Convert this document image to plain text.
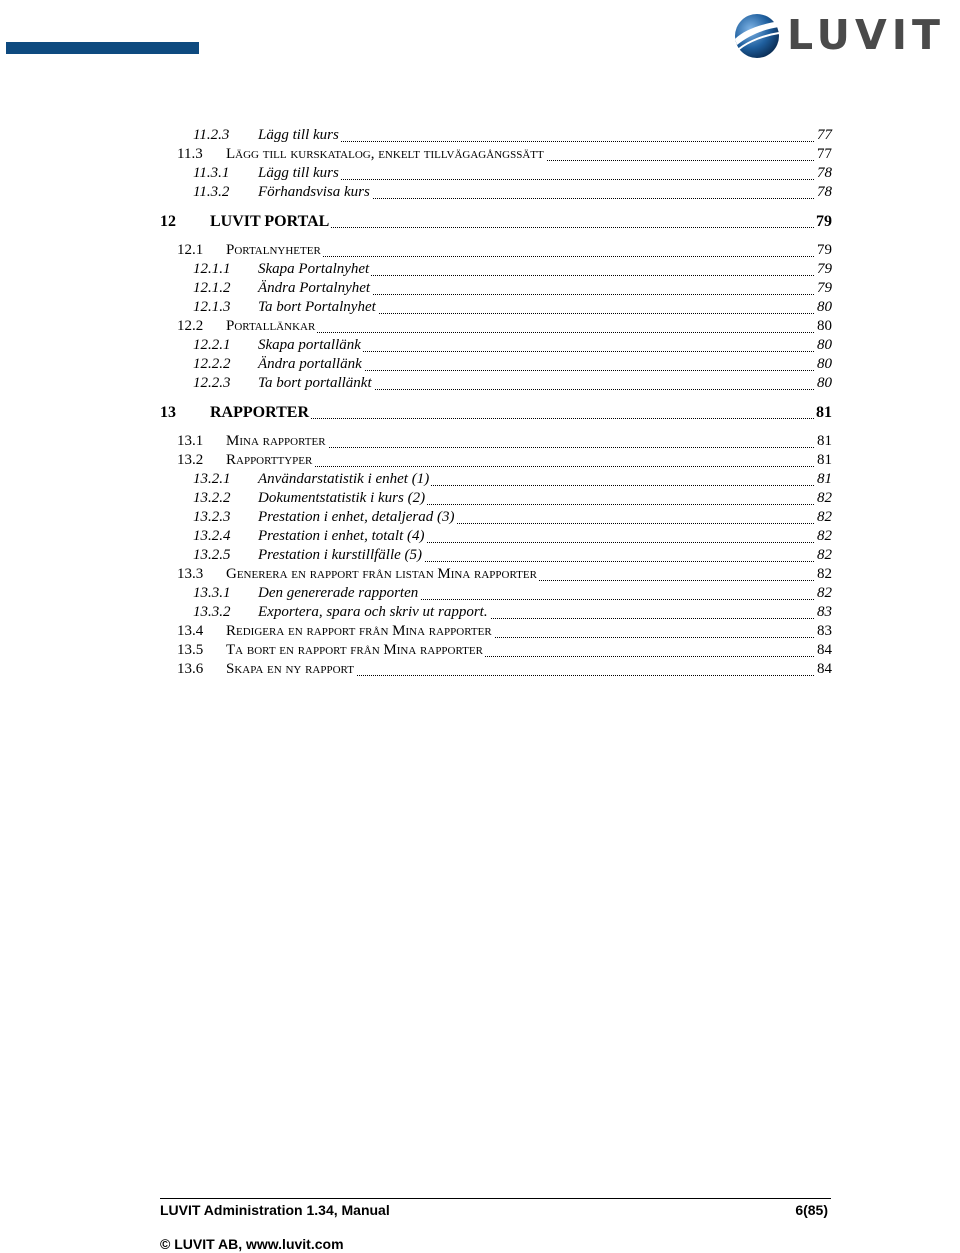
LUVIT
11.2.3 Lägg till kurs	77
11.3 Lägg till kurskatalog, enkelt tillvägagångssätt	77
11.3.1 Lägg till kurs	78
11.3.2 Förhandsvisa kurs	78
12 LUVIT PORTAL	79
12.1 Portalnyheter	79
12.1.1 Skapa Portalnyhet	79
12.1.2 Ändra Portalnyhet	79
12.1.3 Ta bort Portalnyhet	80
12.2 Portallänkar	80
12.2.1 Skapa portallänk	80
12.2.2 Ändra portallänk	80
12.2.3 Ta bort portallänkt	80
13 RAPPORTER	81
13.1 Mina rapporter	81
13.2 Rapporttyper	81
13.2.1 Användarstatistik i enhet (1)	81
13.2.2 Dokumentstatistik i kurs (2)	82
13.2.3 Prestation i enhet, detaljerad (3)	82
13.2.4 Prestation i enhet, totalt (4)	82
13.2.5 Prestation i kurstillfälle (5)	82
13.3 Generera en rapport från listan Mina rapporter	82
13.3.1 Den genererade rapporten	82
13.3.2 Exportera, spara och skriv ut rapport.	83
13.4 Redigera en rapport från Mina rapporter	83
13.5 Ta bort en rapport från Mina rapporter	84
13.6 Skapa en ny rapport	84
LUVIT Administration 1.34, Manual	6(85)
© LUVIT AB, www.luvit.com
